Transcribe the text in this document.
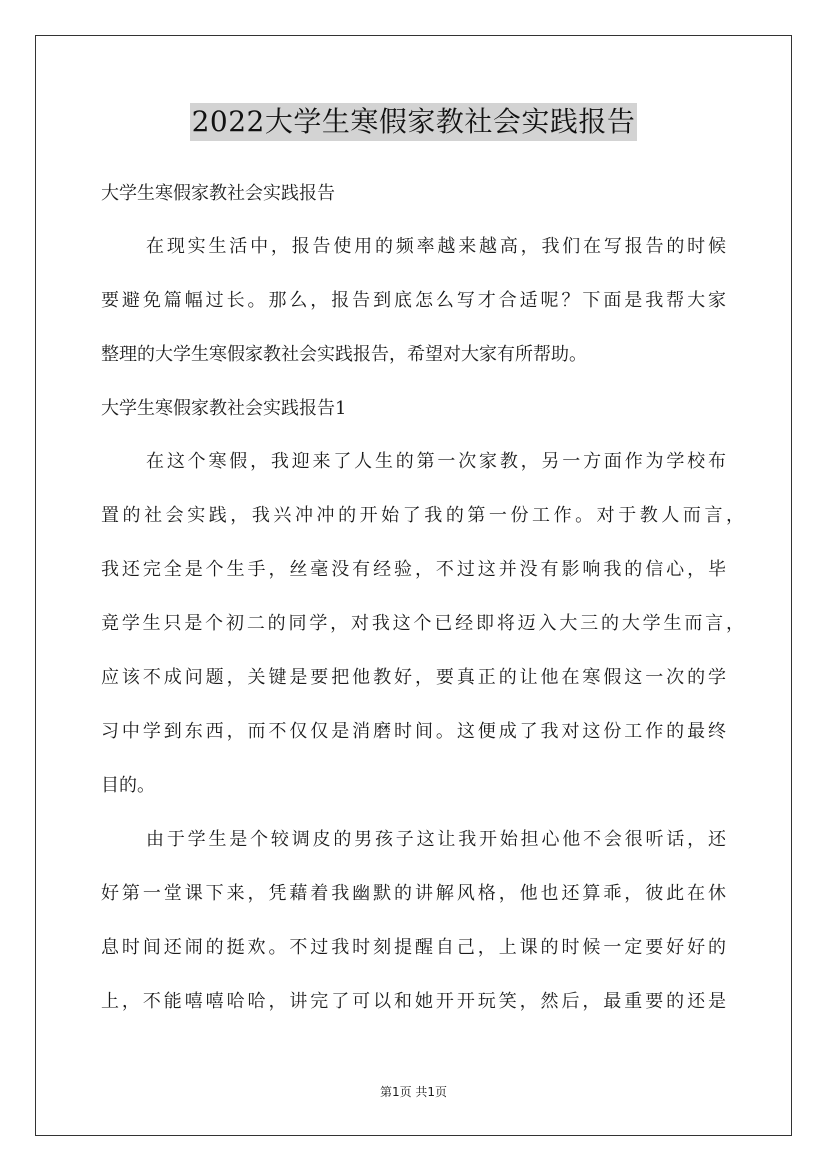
2022大学生寒假家教社会实践报告
大学生寒假家教社会实践报告
在现实生活中，报告使用的频率越来越高，我们在写报告的时候
要避免篇幅过长。那么，报告到底怎么写才合适呢？下面是我帮大家
整理的大学生寒假家教社会实践报告，希望对大家有所帮助。
大学生寒假家教社会实践报告1
在这个寒假，我迎来了人生的第一次家教，另一方面作为学校布
置的社会实践，我兴冲冲的开始了我的第一份工作。对于教人而言，
我还完全是个生手，丝毫没有经验，不过这并没有影响我的信心，毕
竟学生只是个初二的同学，对我这个已经即将迈入大三的大学生而言，
应该不成问题，关键是要把他教好，要真正的让他在寒假这一次的学
习中学到东西，而不仅仅是消磨时间。这便成了我对这份工作的最终
目的。
由于学生是个较调皮的男孩子这让我开始担心他不会很听话，还
好第一堂课下来，凭藉着我幽默的讲解风格，他也还算乖，彼此在休
息时间还闹的挺欢。不过我时刻提醒自己，上课的时候一定要好好的
上，不能嘻嘻哈哈，讲完了可以和她开开玩笑，然后，最重要的还是
第1页 共1页
